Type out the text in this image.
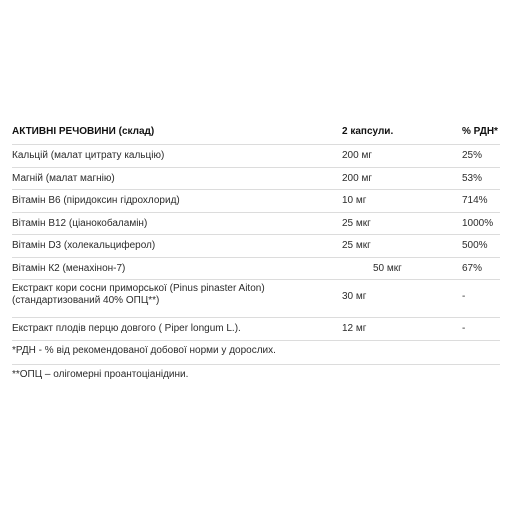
АКТИВНІ РЕЧОВИНИ (склад)	2 капсули.	% РДН*
Кальцій (малат цитрату кальцію)	200 мг	25%
Магній (малат магнію)	200 мг	53%
Вітамін В6 (піридоксин гідрохлорид)	10 мг	714%
Вітамін В12 (ціанокобаламін)	25 мкг	1000%
Вітамін D3 (холекальциферол)	25 мкг	500%
Вітамін К2 (менахінон-7)	50 мкг	67%
Екстракт кори сосни приморської (Pinus pinaster Aiton) (стандартизований 40% ОПЦ**)	30 мг	-
Екстракт плодів перцю довгого ( Piper longum L.).	12 мг	-
*РДН - % від рекомендованої добової норми у дорослих.
**ОПЦ – олігомерні проантоціанідини.
